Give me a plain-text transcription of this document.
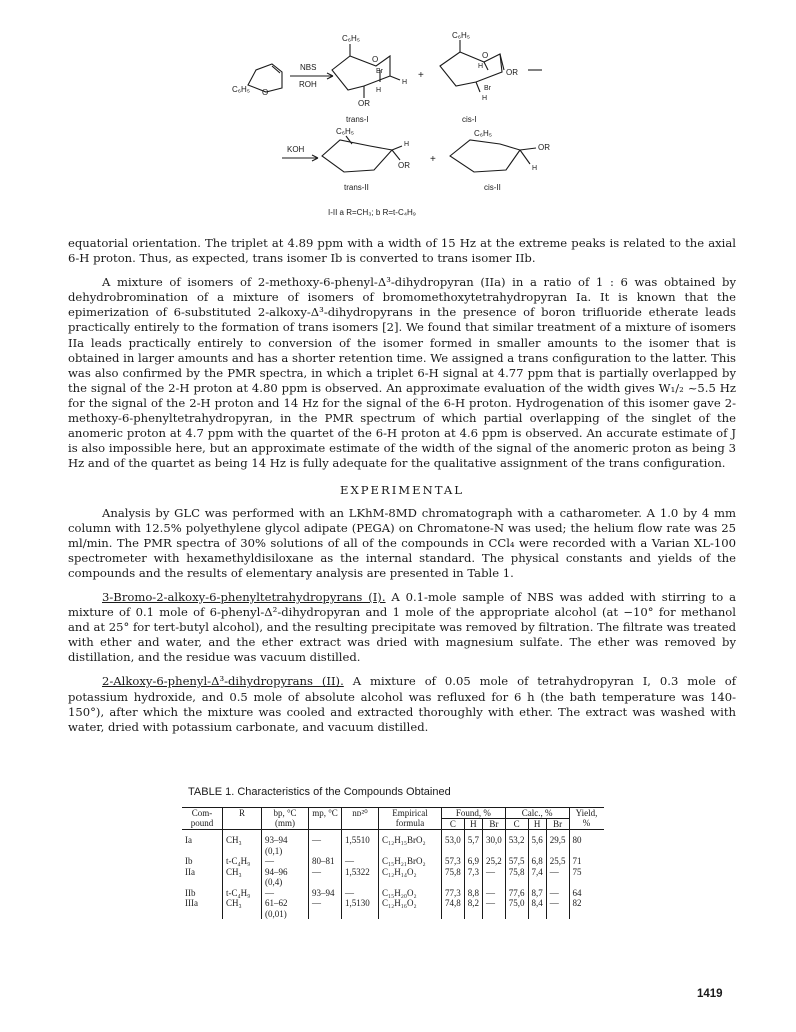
C₆H₅ O
NBS
ROH
C₆H₅
O
Br
H
H
OR
+
C₆H₅
O
H
OR
Br
H
trans-I	cis-I
KOH
C₆H₅
H
OR
+
C₆H₅
OR
H
trans-II	cis-II
I-II a R=CH₃; b R=t-C₄H₉

equatorial orientation. The triplet at 4.89 ppm with a width of 15 Hz at the extreme peaks is related to the axial 6-H proton. Thus, as expected, trans isomer Ib is converted to trans isomer IIb.

A mixture of isomers of 2-methoxy-6-phenyl-Δ³-dihydropyran (IIa) in a ratio of 1 : 6 was obtained by dehydrobromination of a mixture of isomers of bromomethoxytetrahydropyran Ia. It is known that the epimerization of 6-substituted 2-alkoxy-Δ³-dihydropyrans in the presence of boron trifluoride etherate leads practically entirely to the formation of trans isomers [2]. We found that similar treatment of a mixture of isomers IIa leads practically entirely to conversion of the isomer formed in smaller amounts to the isomer that is obtained in larger amounts and has a shorter retention time. We assigned a trans configuration to the latter. This was also confirmed by the PMR spectra, in which a triplet 6-H signal at 4.77 ppm that is partially overlapped by the signal of the 2-H proton at 4.80 ppm is observed. An approximate evaluation of the width gives W₁/₂ ~5.5 Hz for the signal of the 2-H proton and 14 Hz for the signal of the 6-H proton. Hydrogenation of this isomer gave 2-methoxy-6-phenyltetrahydropyran, in the PMR spectrum of which partial overlapping of the singlet of the anomeric proton at 4.7 ppm with the quartet of the 6-H proton at 4.6 ppm is observed. An accurate estimate of J is also impossible here, but an approximate estimate of the width of the signal of the anomeric proton as being 3 Hz and of the quartet as being 14 Hz is fully adequate for the qualitative assignment of the trans configuration.

EXPERIMENTAL

Analysis by GLC was performed with an LKhM-8MD chromatograph with a catharometer. A 1.0 by 4 mm column with 12.5% polyethylene glycol adipate (PEGA) on Chromatone-N was used; the helium flow rate was 25 ml/min. The PMR spectra of 30% solutions of all of the compounds in CCl₄ were recorded with a Varian XL-100 spectrometer with hexamethyldisiloxane as the internal standard. The physical constants and yields of the compounds and the results of elementary analysis are presented in Table 1.

3-Bromo-2-alkoxy-6-phenyltetrahydropyrans (I). A 0.1-mole sample of NBS was added with stirring to a mixture of 0.1 mole of 6-phenyl-Δ²-dihydropyran and 1 mole of the appropriate alcohol (at −10° for methanol and at 25° for tert-butyl alcohol), and the resulting precipitate was removed by filtration. The filtrate was treated with ether and water, and the ether extract was dried with magnesium sulfate. The ether was removed by distillation, and the residue was vacuum distilled.

2-Alkoxy-6-phenyl-Δ³-dihydropyrans (II). A mixture of 0.05 mole of tetrahydropyran I, 0.3 mole of potassium hydroxide, and 0.5 mole of absolute alcohol was refluxed for 6 h (the bath temperature was 140-150°), after which the mixture was cooled and extracted thoroughly with ether. The extract was washed with water, dried with potassium carbonate, and vacuum distilled.

TABLE 1. Characteristics of the Compounds Obtained
Com-pound	R	bp, °C (mm)	mp, °C	nᴅ²⁰	Empirical formula	Found, %			Calc., %			Yield, %
						C	H	Br	C	H	Br	
Ia	CH₃	93–94 (0,1)	—	1,5510	C₁₂H₁₅BrO₂	53,0	5,7	30,0	53,2	5,6	29,5	80
Ib	t-C₄H₉	—	80–81	—	C₁₅H₂₁BrO₂	57,3	6,9	25,2	57,5	6,8	25,5	71
IIa	CH₃	94–96 (0,4)	—	1,5322	C₁₂H₁₄O₂	75,8	7,3	—	75,8	7,4	—	75
IIb	t-C₄H₉	—	93–94	—	C₁₅H₂₀O₂	77,3	8,8	—	77,6	8,7	—	64
IIIa	CH₃	61–62 (0,01)	—	1,5130	C₁₂H₁₆O₂	74,8	8,2	—	75,0	8,4	—	82
1419
